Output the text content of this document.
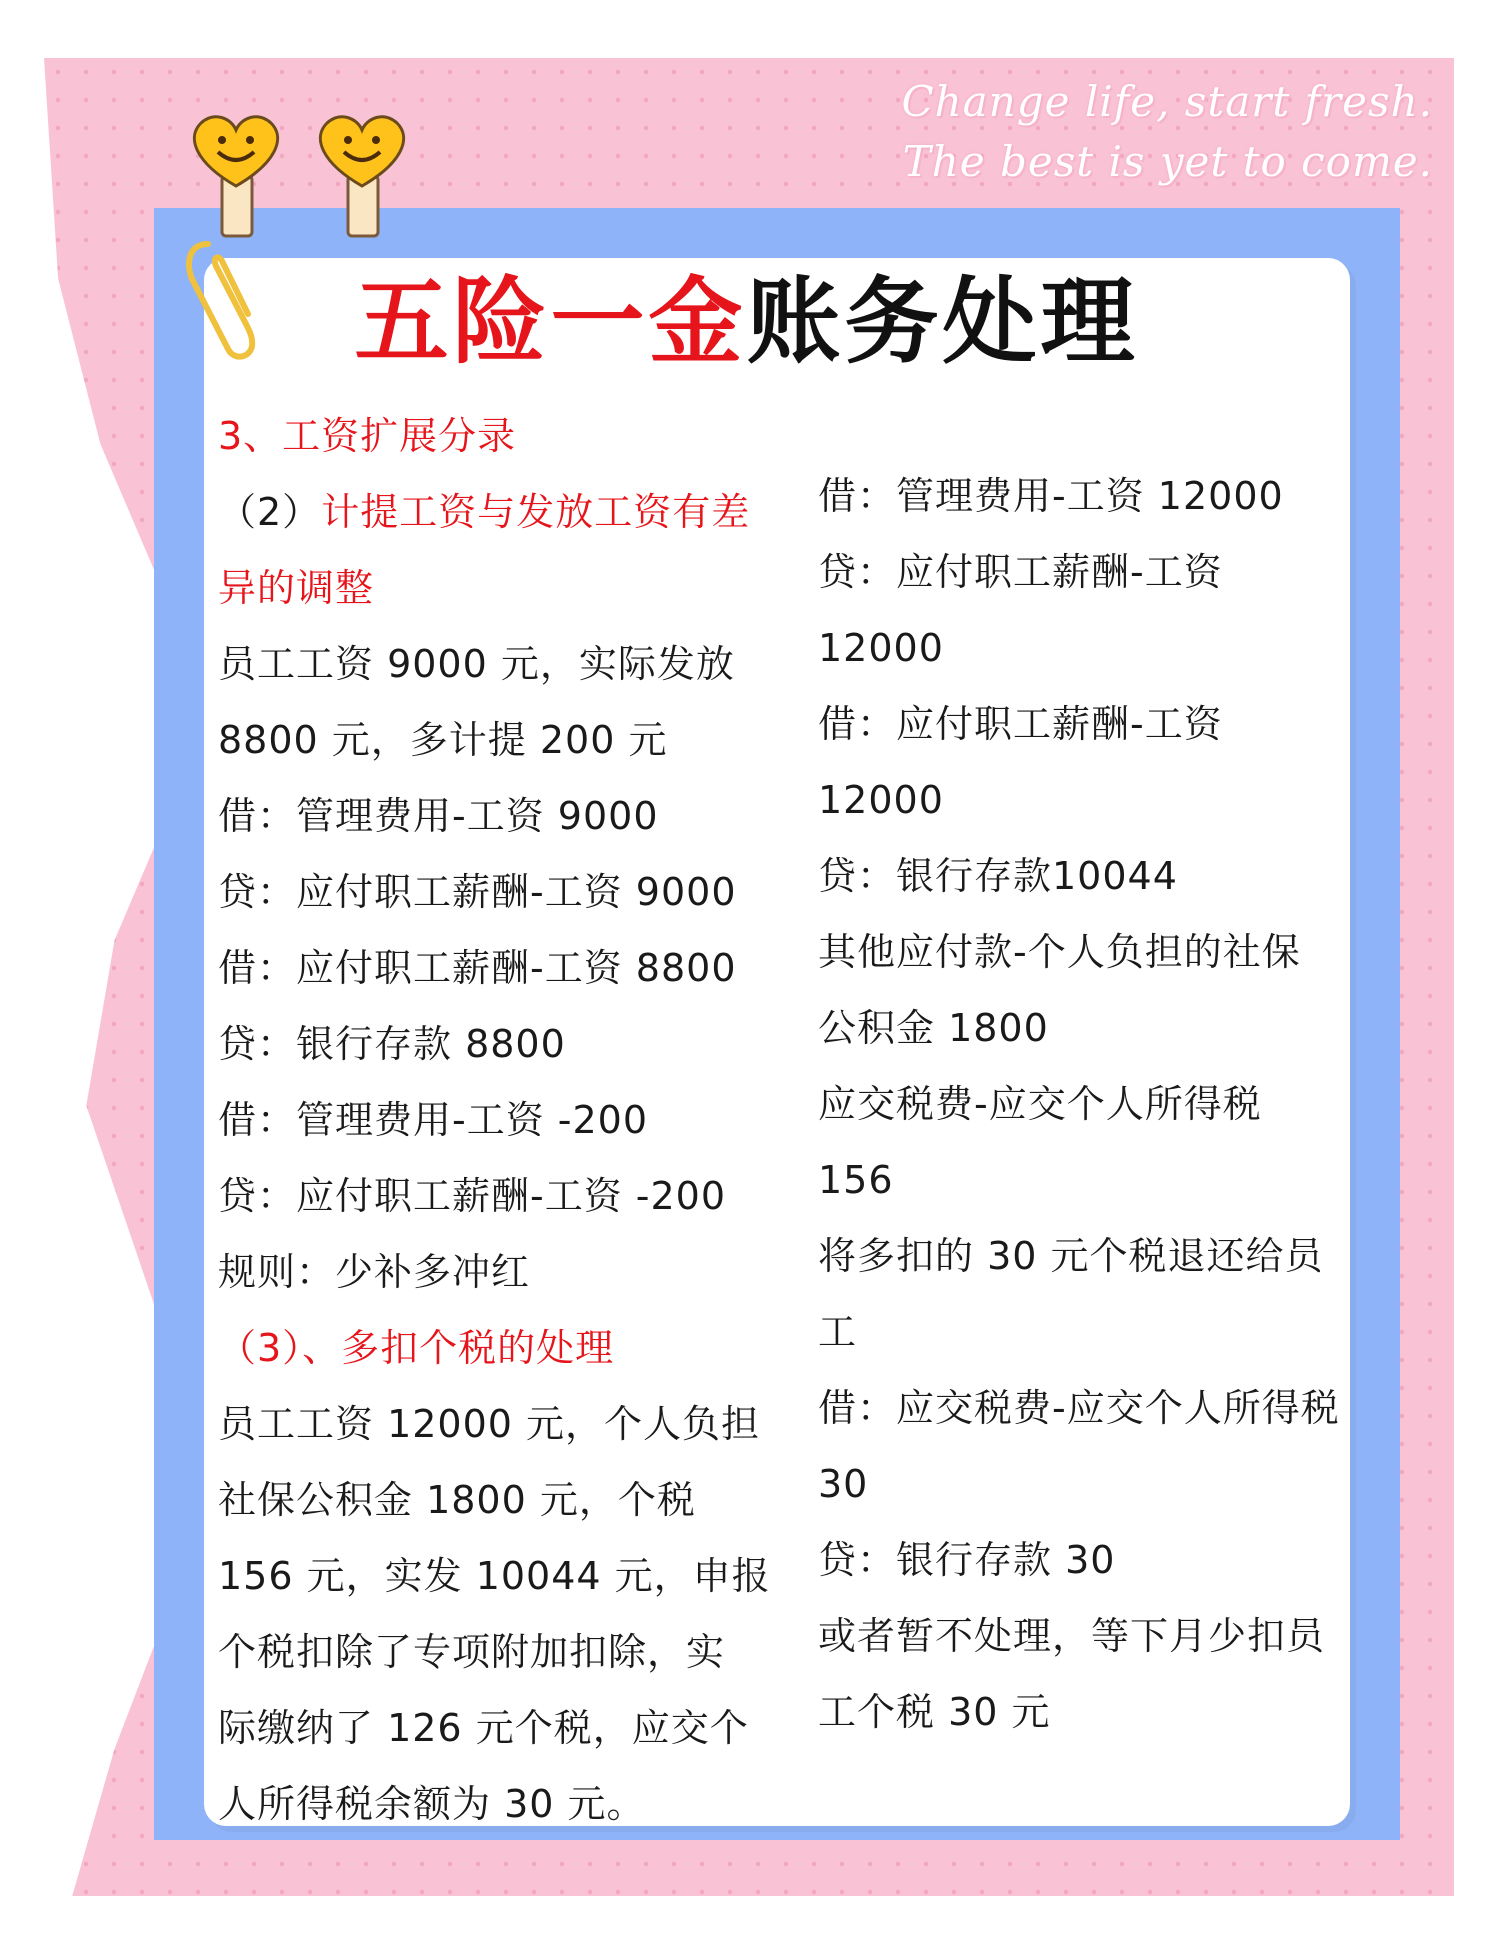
Change life, start fresh.
The best is yet to come.
五险一金账务处理
3、工资扩展分录
（2）计提工资与发放工资有差
异的调整
员工工资 9000 元，实际发放
8800 元，多计提 200 元
借：管理费用-工资 9000
贷：应付职工薪酬-工资 9000
借：应付职工薪酬-工资 8800
贷：银行存款 8800
借：管理费用-工资 -200
贷：应付职工薪酬-工资 -200
规则：少补多冲红
（3）、多扣个税的处理
员工工资 12000 元，个人负担
社保公积金 1800 元，个税
156 元，实发 10044 元，申报
个税扣除了专项附加扣除，实
际缴纳了 126 元个税，应交个
人所得税余额为 30 元。
借：管理费用-工资 12000
贷：应付职工薪酬-工资
12000
借：应付职工薪酬-工资
12000
贷：银行存款10044
其他应付款-个人负担的社保
公积金 1800
应交税费-应交个人所得税
156
将多扣的 30 元个税退还给员
工
借：应交税费-应交个人所得税
30
贷：银行存款 30
或者暂不处理，等下月少扣员
工个税 30 元
